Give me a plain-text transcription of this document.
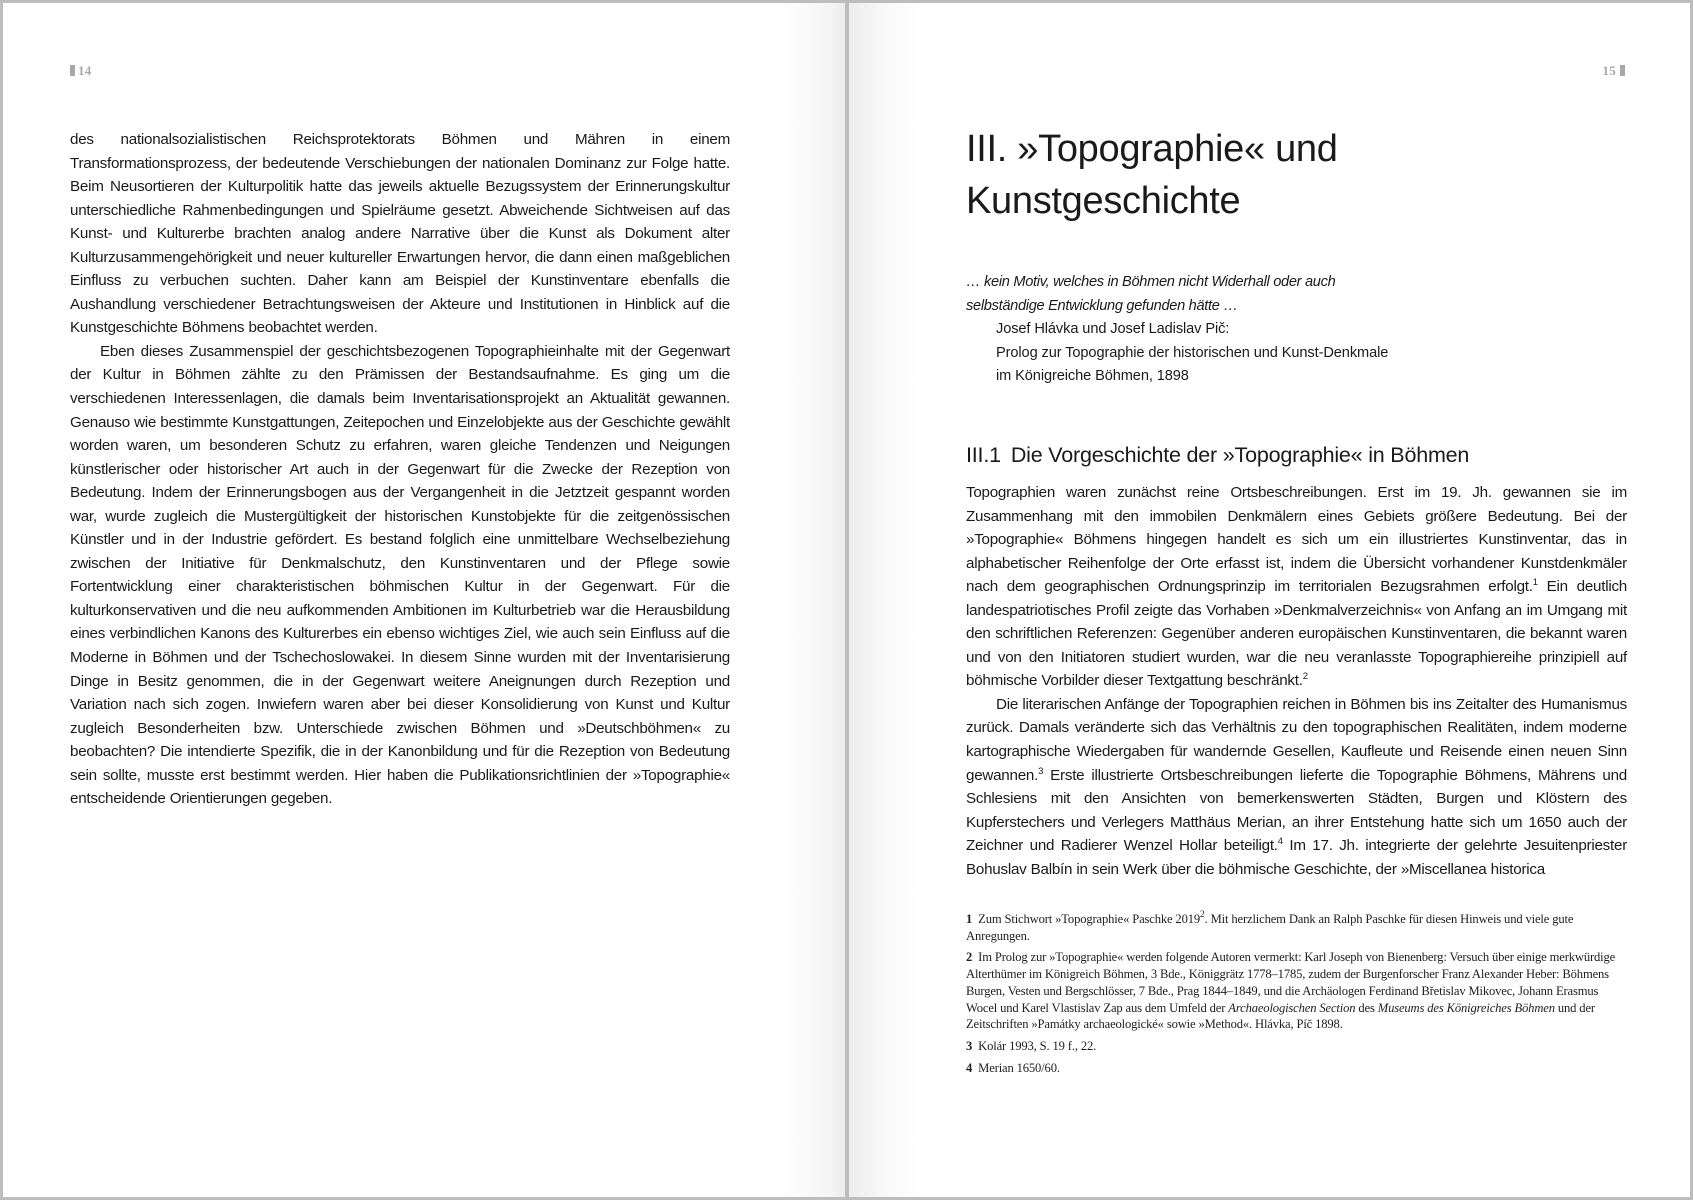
14

des nationalsozialistischen Reichsprotektorats Böhmen und Mähren in einem Transformationsprozess, der bedeutende Verschiebungen der nationalen Dominanz zur Folge hatte. Beim Neusortieren der Kulturpolitik hatte das jeweils aktuelle Bezugssystem der Erinnerungskultur unterschiedliche Rahmenbedingungen und Spielräume gesetzt. Abweichende Sichtweisen auf das Kunst- und Kulturerbe brachten analog andere Narrative über die Kunst als Dokument alter Kulturzusammengehörigkeit und neuer kultureller Erwartungen hervor, die dann einen maßgeblichen Einfluss zu verbuchen suchten. Daher kann am Beispiel der Kunstinventare ebenfalls die Aushandlung verschiedener Betrachtungsweisen der Akteure und Institutionen in Hinblick auf die Kunstgeschichte Böhmens beobachtet werden.

Eben dieses Zusammenspiel der geschichtsbezogenen Topographieinhalte mit der Gegenwart der Kultur in Böhmen zählte zu den Prämissen der Bestandsaufnahme. Es ging um die verschiedenen Interessenlagen, die damals beim Inventarisationsprojekt an Aktualität gewannen. Genauso wie bestimmte Kunstgattungen, Zeitepochen und Einzelobjekte aus der Geschichte gewählt worden waren, um besonderen Schutz zu erfahren, waren gleiche Tendenzen und Neigungen künstlerischer oder historischer Art auch in der Gegenwart für die Zwecke der Rezeption von Bedeutung. Indem der Erinnerungsbogen aus der Vergangenheit in die Jetztzeit gespannt worden war, wurde zugleich die Mustergültigkeit der historischen Kunstobjekte für die zeitgenössischen Künstler und in der Industrie gefördert. Es bestand folglich eine unmittelbare Wechselbeziehung zwischen der Initiative für Denkmalschutz, den Kunstinventaren und der Pflege sowie Fortentwicklung einer charakteristischen böhmischen Kultur in der Gegenwart. Für die kulturkonservativen und die neu aufkommenden Ambitionen im Kulturbetrieb war die Herausbildung eines verbindlichen Kanons des Kulturerbes ein ebenso wichtiges Ziel, wie auch sein Einfluss auf die Moderne in Böhmen und der Tschechoslowakei. In diesem Sinne wurden mit der Inventarisierung Dinge in Besitz genommen, die in der Gegenwart weitere Aneignungen durch Rezeption und Variation nach sich zogen. Inwiefern waren aber bei dieser Konsolidierung von Kunst und Kultur zugleich Besonderheiten bzw. Unterschiede zwischen Böhmen und »Deutschböhmen« zu beobachten? Die intendierte Spezifik, die in der Kanonbildung und für die Rezeption von Bedeutung sein sollte, musste erst bestimmt werden. Hier haben die Publikationsrichtlinien der »Topographie« entscheidende Orientierungen gegeben.

15
III. »Topographie« und
Kunstgeschichte
… kein Motiv, welches in Böhmen nicht Widerhall oder auch
selbständige Entwicklung gefunden hätte …
Josef Hlávka und Josef Ladislav Pič:
Prolog zur Topographie der historischen und Kunst-Denkmale
im Königreiche Böhmen, 1898
III.1 Die Vorgeschichte der »Topographie« in Böhmen

Topographien waren zunächst reine Ortsbeschreibungen. Erst im 19. Jh. gewannen sie im Zusammenhang mit den immobilen Denkmälern eines Gebiets größere Bedeutung. Bei der »Topographie« Böhmens hingegen handelt es sich um ein illustriertes Kunstinventar, das in alphabetischer Reihenfolge der Orte erfasst ist, indem die Übersicht vorhandener Kunstdenkmäler nach dem geographischen Ordnungsprinzip im territorialen Bezugsrahmen erfolgt.$^1$ Ein deutlich landespatriotisches Profil zeigte das Vorhaben »Denkmalverzeichnis« von Anfang an im Umgang mit den schriftlichen Referenzen: Gegenüber anderen europäischen Kunstinventaren, die bekannt waren und von den Initiatoren studiert wurden, war die neu veranlasste Topographiereihe prinzipiell auf böhmische Vorbilder dieser Textgattung beschränkt.$^2$

Die literarischen Anfänge der Topographien reichen in Böhmen bis ins Zeitalter des Humanismus zurück. Damals veränderte sich das Verhältnis zu den topographischen Realitäten, indem moderne kartographische Wiedergaben für wandernde Gesellen, Kaufleute und Reisende einen neuen Sinn gewannen.$^3$ Erste illustrierte Ortsbeschreibungen lieferte die Topographie Böhmens, Mährens und Schlesiens mit den Ansichten von bemerkenswerten Städten, Burgen und Klöstern des Kupferstechers und Verlegers Matthäus Merian, an ihrer Entstehung hatte sich um 1650 auch der Zeichner und Radierer Wenzel Hollar beteiligt.$^4$ Im 17. Jh. integrierte der gelehrte Jesuitenpriester Bohuslav Balbín in sein Werk über die böhmische Geschichte, der »Miscellanea historica

1 Zum Stichwort »Topographie« Paschke 2019$^2$. Mit herzlichem Dank an Ralph Paschke für diesen Hinweis und viele gute Anregungen.

2 Im Prolog zur »Topographie« werden folgende Autoren vermerkt: Karl Joseph von Bienenberg: Versuch über einige merkwürdige Alterthümer im Königreich Böhmen, 3 Bde., Königgrätz 1778–1785, zudem der Burgenforscher Franz Alexander Heber: Böhmens Burgen, Vesten und Bergschlösser, 7 Bde., Prag 1844–1849, und die Archäologen Ferdinand Břetislav Mikovec, Johann Erasmus Wocel und Karel Vlastislav Zap aus dem Umfeld der Archaeologischen Section des Museums des Königreiches Böhmen und der Zeitschriften »Památky archaeologické« sowie »Method«. Hlávka, Píč 1898.

3 Kolár 1993, S. 19 f., 22.

4 Merian 1650/60.
